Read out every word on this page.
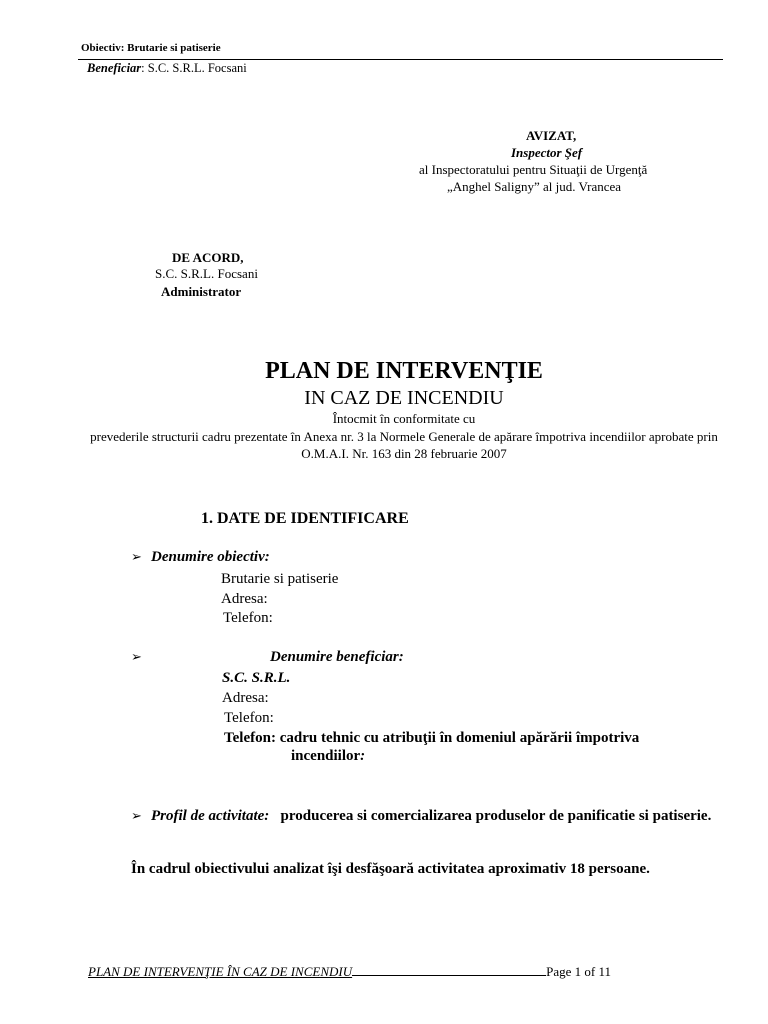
Obiectiv: Brutarie si patiserie
Beneficiar: S.C. S.R.L. Focsani
AVIZAT,
Inspector Şef
al Inspectoratului pentru Situaţii de Urgenţă
„Anghel Saligny” al jud. Vrancea
DE ACORD,
S.C. S.R.L. Focsani
Administrator
PLAN DE INTERVENŢIE
IN CAZ DE INCENDIU
Întocmit în conformitate cu
prevederile structurii cadru prezentate în Anexa nr. 3 la Normele Generale de apărare împotriva incendiilor aprobate prin O.M.A.I. Nr. 163 din 28 februarie 2007
1. DATE DE IDENTIFICARE
➢ Denumire obiectiv:
Brutarie si patiserie
Adresa:
Telefon:
➢	Denumire beneficiar:
S.C. S.R.L.
Adresa:
Telefon:
Telefon: cadru tehnic cu atribuţii în domeniul apărării împotriva
incendiilor:
➢ Profil de activitate: producerea si comercializarea produselor de panificatie si patiserie.
În cadrul obiectivului analizat îşi desfăşoară activitatea aproximativ 18 persoane.
PLAN DE INTERVENŢIE ÎN CAZ DE INCENDIU	Page 1 of 11
